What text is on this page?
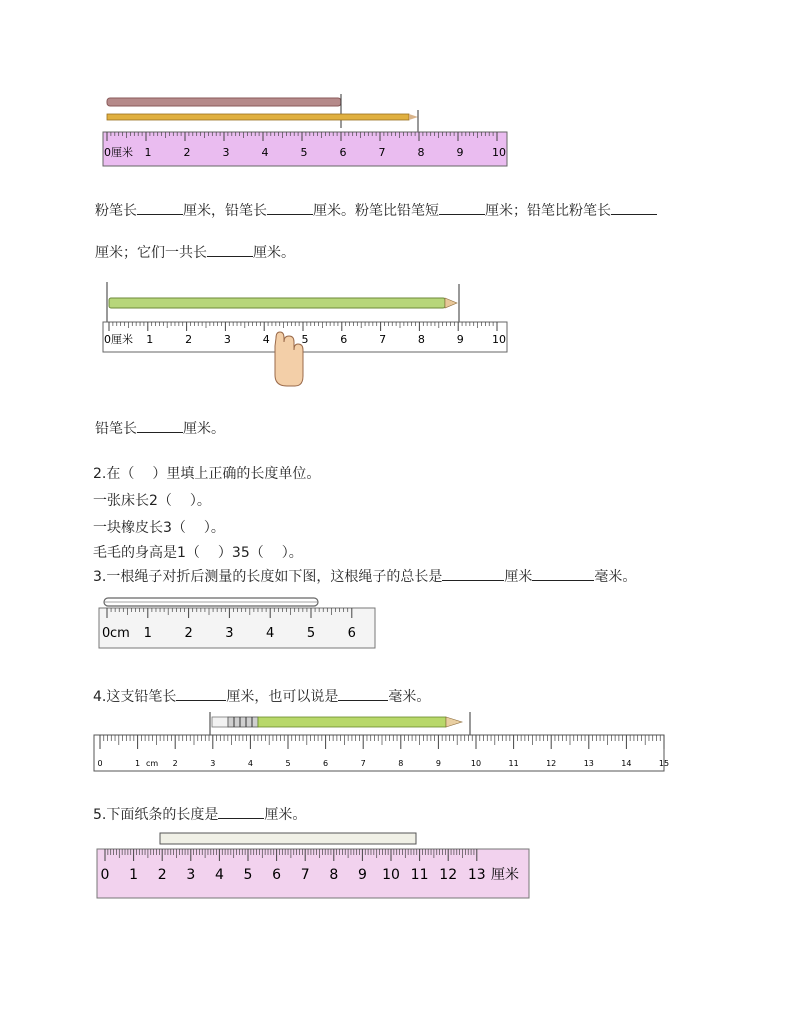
0 厘米 1	2	3	4	5	6	7	8	9	10
粉笔长	厘米，铅笔长	厘米。粉笔比铅笔短	厘米；铅笔比粉笔长
厘米；它们一共长	厘米。
0 厘米 1	2	3	4	5	6	7	8	9	10
铅笔长	厘米。
2.在（ ）里填上正确的长度单位。
一张床长2（ ）。
一块橡皮长3（ ）。
毛毛的身高是1（ ）35（ ）。
3.一根绳子对折后测量的长度如下图，这根绳子的总长是	厘米	毫米。
0 cm 1	2	3	4	5	6
4.这支铅笔长	厘米，也可以说是	毫米。
0	1	2	3	4	5	6	7	8	9	10	11	12	13	14	15
cm
5.下面纸条的长度是	厘米。
0 1 2 3 4 5 6 7 8 9 10 11 12 13 厘米
